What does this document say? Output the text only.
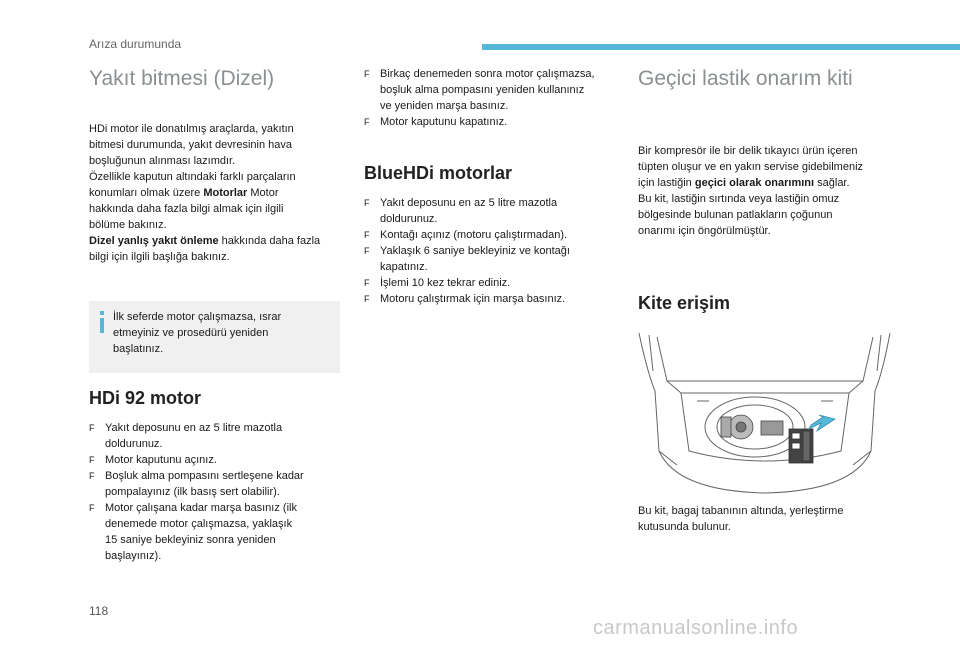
Arıza durumunda
Yakıt bitmesi (Dizel)

HDi motor ile donatılmış araçlarda, yakıtın
bitmesi durumunda, yakıt devresinin hava
boşluğunun alınması lazımdır.
Özellikle kaputun altındaki farklı parçaların
konumları olmak üzere Motorlar Motor
hakkında daha fazla bilgi almak için ilgili
bölüme bakınız.
Dizel yanlış yakıt önleme hakkında daha fazla
bilgi için ilgili başlığa bakınız.

İlk seferde motor çalışmazsa, ısrar
etmeyiniz ve prosedürü yeniden
başlatınız.
HDi 92 motor
F Yakıt deposunu en az 5 litre mazotla
doldurunuz.
F Motor kaputunu açınız.
F Boşluk alma pompasını sertleşene kadar
pompalayınız (ilk basış sert olabilir).
F Motor çalışana kadar marşa basınız (ilk
denemede motor çalışmazsa, yaklaşık
15 saniye bekleyiniz sonra yeniden
başlayınız).
F Birkaç denemeden sonra motor çalışmazsa,
boşluk alma pompasını yeniden kullanınız
ve yeniden marşa basınız.
F Motor kaputunu kapatınız.
BlueHDi motorlar
F Yakıt deposunu en az 5 litre mazotla
doldurunuz.
F Kontağı açınız (motoru çalıştırmadan).
F Yaklaşık 6 saniye bekleyiniz ve kontağı
kapatınız.
F İşlemi 10 kez tekrar ediniz.
F Motoru çalıştırmak için marşa basınız.
Geçici lastik onarım kiti

Bir kompresör ile bir delik tıkayıcı ürün içeren
tüpten oluşur ve en yakın servise gidebilmeniz
için lastiğin geçici olarak onarımını sağlar.
Bu kit, lastiğin sırtında veya lastiğin omuz
bölgesinde bulunan patlakların çoğunun
onarımı için öngörülmüştür.

Kite erişim
Bu kit, bagaj tabanının altında, yerleştirme
kutusunda bulunur.
118
carmanualsonline.info
